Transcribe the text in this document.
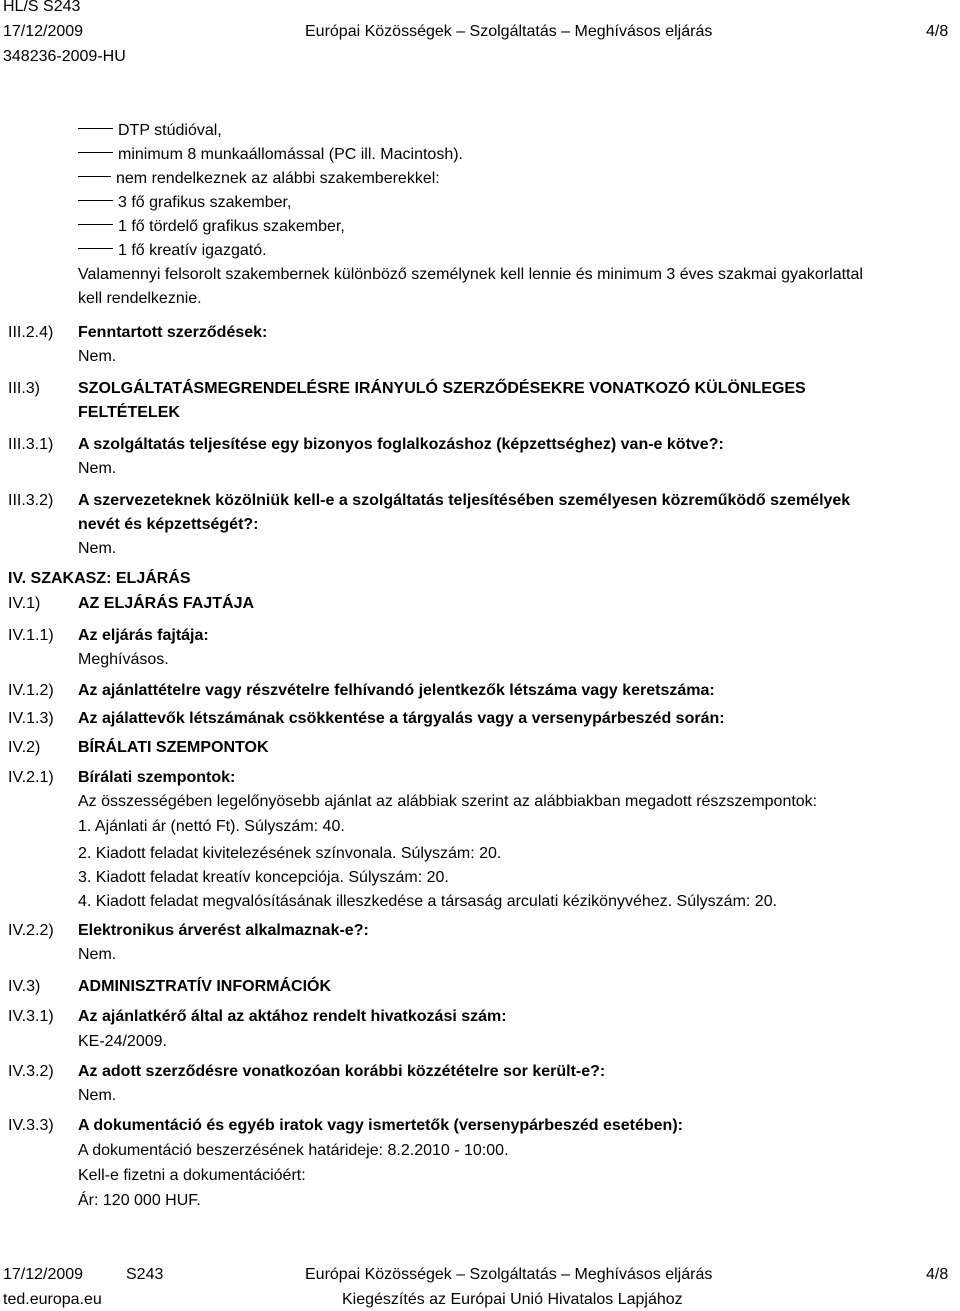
HL/S S243
17/12/2009	Európai Közösségek – Szolgáltatás – Meghívásos eljárás	4/8
348236-2009-HU
DTP stúdióval,
minimum 8 munkaállomással (PC ill. Macintosh).
nem rendelkeznek az alábbi szakemberekkel:
3 fő grafikus szakember,
1 fő tördelő grafikus szakember,
1 fő kreatív igazgató.
Valamennyi felsorolt szakembernek különböző személynek kell lennie és minimum 3 éves szakmai gyakorlattal
kell rendelkeznie.
III.2.4) Fenntartott szerződések:
Nem.
III.3) SZOLGÁLTATÁSMEGRENDELÉSRE IRÁNYULÓ SZERZŐDÉSEKRE VONATKOZÓ KÜLÖNLEGES
FELTÉTELEK
III.3.1) A szolgáltatás teljesítése egy bizonyos foglalkozáshoz (képzettséghez) van-e kötve?:
Nem.
III.3.2) A szervezeteknek közölniük kell-e a szolgáltatás teljesítésében személyesen közreműködő személyek
nevét és képzettségét?:
Nem.
IV. SZAKASZ: ELJÁRÁS
IV.1) AZ ELJÁRÁS FAJTÁJA
IV.1.1) Az eljárás fajtája:
Meghívásos.
IV.1.2) Az ajánlattételre vagy részvételre felhívandó jelentkezők létszáma vagy keretszáma:
IV.1.3) Az ajálattevők létszámának csökkentése a tárgyalás vagy a versenypárbeszéd során:
IV.2) BÍRÁLATI SZEMPONTOK
IV.2.1) Bírálati szempontok:
Az összességében legelőnyösebb ajánlat az alábbiak szerint az alábbiakban megadott részszempontok:
1. Ajánlati ár (nettó Ft). Súlyszám: 40.
2. Kiadott feladat kivitelezésének színvonala. Súlyszám: 20.
3. Kiadott feladat kreatív koncepciója. Súlyszám: 20.
4. Kiadott feladat megvalósításának illeszkedése a társaság arculati kézikönyvéhez. Súlyszám: 20.
IV.2.2) Elektronikus árverést alkalmaznak-e?:
Nem.
IV.3) ADMINISZTRATÍV INFORMÁCIÓK
IV.3.1) Az ajánlatkérő által az aktához rendelt hivatkozási szám:
KE-24/2009.
IV.3.2) Az adott szerződésre vonatkozóan korábbi közzétételre sor került-e?:
Nem.
IV.3.3) A dokumentáció és egyéb iratok vagy ismertetők (versenypárbeszéd esetében):
A dokumentáció beszerzésének határideje: 8.2.2010 - 10:00.
Kell-e fizetni a dokumentációért:
Ár: 120 000 HUF.
17/12/2009	S243	Európai Közösségek – Szolgáltatás – Meghívásos eljárás	4/8
ted.europa.eu	Kiegészítés az Európai Unió Hivatalos Lapjához
